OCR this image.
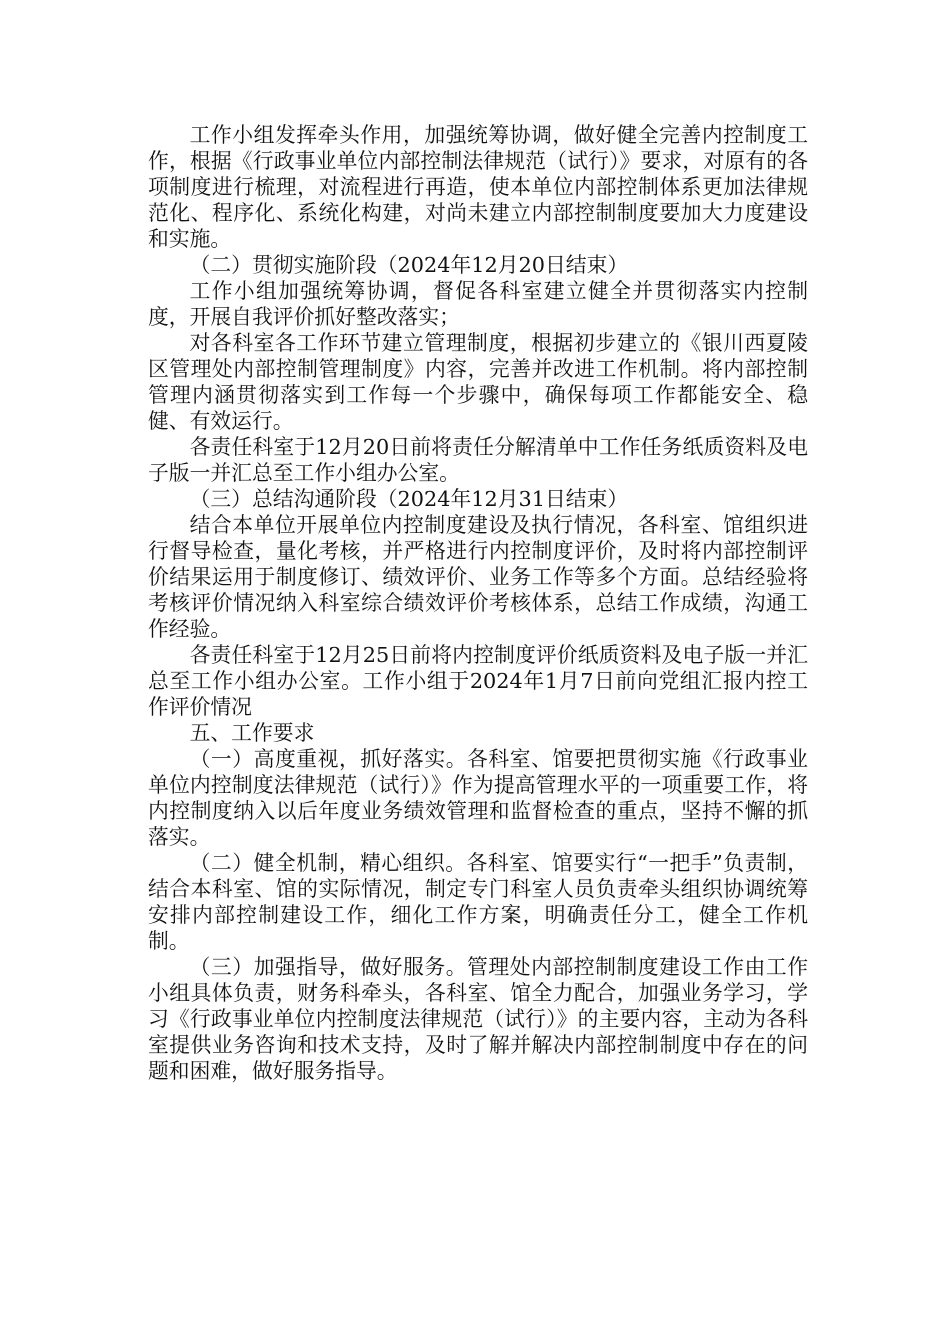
工作小组发挥牵头作用，加强统筹协调，做好健全完善内控制度工作，根据《行政事业单位内部控制法律规范（试行）》要求，对原有的各项制度进行梳理，对流程进行再造，使本单位内部控制体系更加法律规范化、程序化、系统化构建，对尚未建立内部控制制度要加大力度建设和实施。

（二）贯彻实施阶段（2024年12月20日结束）

工作小组加强统筹协调，督促各科室建立健全并贯彻落实内控制度，开展自我评价抓好整改落实；

对各科室各工作环节建立管理制度，根据初步建立的《银川西夏陵区管理处内部控制管理制度》内容，完善并改进工作机制。将内部控制管理内涵贯彻落实到工作每一个步骤中，确保每项工作都能安全、稳健、有效运行。

各责任科室于12月20日前将责任分解清单中工作任务纸质资料及电子版一并汇总至工作小组办公室。

（三）总结沟通阶段（2024年12月31日结束）

结合本单位开展单位内控制度建设及执行情况，各科室、馆组织进行督导检查，量化考核，并严格进行内控制度评价，及时将内部控制评价结果运用于制度修订、绩效评价、业务工作等多个方面。总结经验将考核评价情况纳入科室综合绩效评价考核体系，总结工作成绩，沟通工作经验。

各责任科室于12月25日前将内控制度评价纸质资料及电子版一并汇总至工作小组办公室。工作小组于2024年1月7日前向党组汇报内控工作评价情况

五、工作要求

（一）高度重视，抓好落实。各科室、馆要把贯彻实施《行政事业单位内控制度法律规范（试行）》作为提高管理水平的一项重要工作，将内控制度纳入以后年度业务绩效管理和监督检查的重点，坚持不懈的抓落实。

（二）健全机制，精心组织。各科室、馆要实行“一把手”负责制，结合本科室、馆的实际情况，制定专门科室人员负责牵头组织协调统筹安排内部控制建设工作，细化工作方案，明确责任分工，健全工作机制。

（三）加强指导，做好服务。管理处内部控制制度建设工作由工作小组具体负责，财务科牵头，各科室、馆全力配合，加强业务学习，学习《行政事业单位内控制度法律规范（试行）》的主要内容，主动为各科室提供业务咨询和技术支持，及时了解并解决内部控制制度中存在的问题和困难，做好服务指导。
